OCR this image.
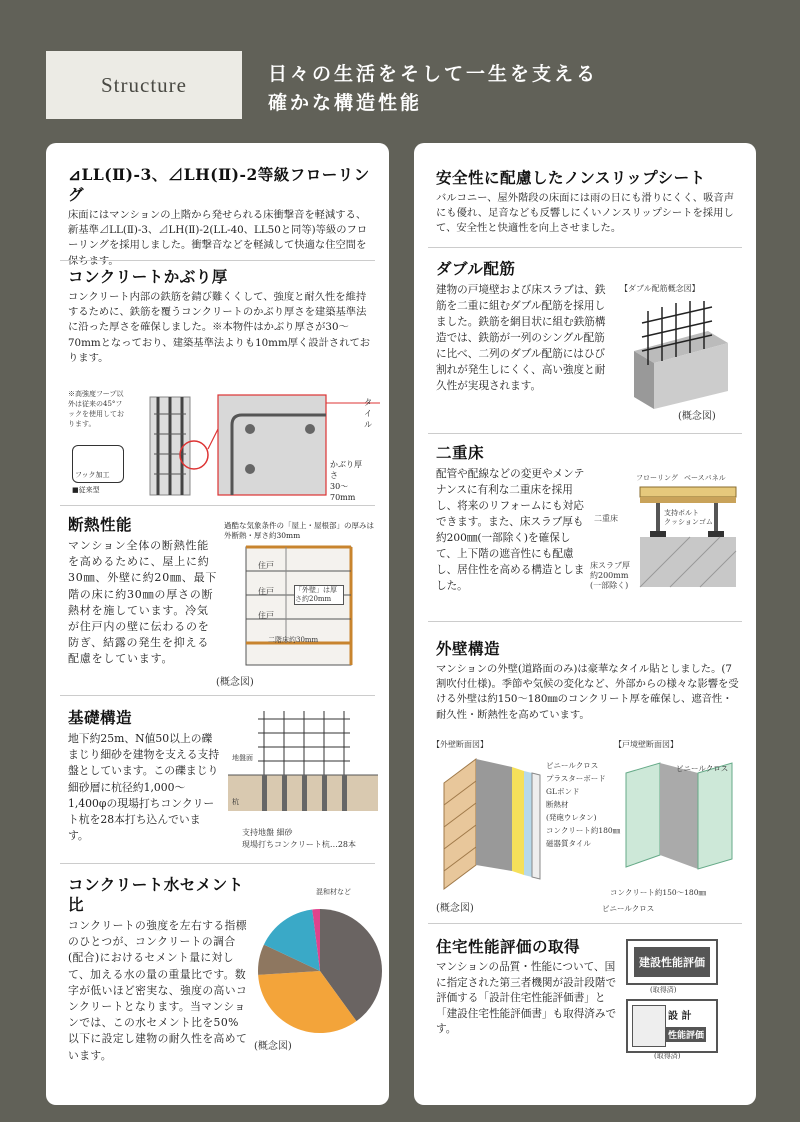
Structure	日々の生活をそして一生を支える
確かな構造性能
⊿LL(Ⅱ)-3、⊿LH(Ⅱ)-2等級フローリング

床面にはマンションの上階から発せられる床衝撃音を軽減する、新基準⊿LL(Ⅱ)-3、⊿LH(Ⅱ)-2(LL-40、LL50と同等)等級のフローリングを採用しました。衝撃音などを軽減して快適な住空間を保ちます。

コンクリートかぶり厚

コンクリート内部の鉄筋を錆び難くくして、強度と耐久性を維持するために、鉄筋を覆うコンクリートのかぶり厚さを建築基準法に沿った厚さを確保しました。※本物件はかぶり厚さが30〜70mmとなっており、建築基準法よりも10mm厚く設計されております。

※高強度フープ以外は従来の45°フックを使用しております。
フック加工
■従来型
タイル
かぶり厚さ
30〜70mm
断熱性能

マンション全体の断熱性能を高めるために、屋上に約30㎜、外壁に約20㎜、最下階の床に約30㎜の厚さの断熱材を施しています。冷気が住戸内の壁に伝わるのを防ぎ、結露の発生を抑える配慮をしています。

過酷な気象条件の「屋上・屋根部」の厚みは外断熱・厚さ約30mm
住戸
住戸
住戸
「外壁」は厚さ約20mm
二階床約30mm
(概念図)
基礎構造

地下約25m、N値50以上の礫まじり細砂を建物を支える支持盤としています。この礫まじり細砂層に杭径約1,000〜1,400φの現場打ちコンクリート杭を28本打ち込んでいます。

地盤面
杭
支持地盤 細砂
現場打ちコンクリート杭…28本
コンクリート水セメント比

コンクリートの強度を左右する指標のひとつが、コンクリートの調合(配合)におけるセメント量に対して、加える水の量の重量比です。数字が低いほど密実な、強度の高いコンクリートとなります。当マンションでは、この水セメント比を50%以下に設定し建物の耐久性を高めています。

混和材など
(概念図)
安全性に配慮したノンスリップシート

バルコニー、屋外階段の床面には雨の日にも滑りにくく、吸音声にも優れ、足音なども反響しにくいノンスリップシートを採用して、安全性と快適性を向上させました。

ダブル配筋

建物の戸境壁および床スラブは、鉄筋を二重に組むダブル配筋を採用しました。鉄筋を網目状に組む鉄筋構造では、鉄筋が一列のシングル配筋に比べ、二列のダブル配筋にはひび割れが発生しにくく、高い強度と耐久性が実現されます。

【ダブル配筋概念図】
(概念図)
二重床

配管や配線などの変更やメンテナンスに有利な二重床を採用し、将来のリフォームにも対応できます。また、床スラブ厚も約200㎜(一部除く)を確保して、上下階の遮音性にも配慮し、居住性を高める構造としました。

フローリング ベースパネル
二重床
支持ボルト
クッションゴム
床スラブ厚
約200mm
(一部除く)
外壁構造

マンションの外壁(道路面のみ)は豪華なタイル貼としました。(7割吹付仕様)。季節や気候の変化など、外部からの様々な影響を受ける外壁は約150〜180㎜のコンクリート厚を確保し、遮音性・耐久性・断熱性を高めています。

【外壁断面図】	【戸境壁断面図】
ビニールクロス
プラスターボード
GLボンド
断熱材
(発砲ウレタン)
コンクリート約180㎜
磁器質タイル
ビニールクロス
コンクリート約150〜180㎜
ビニールクロス
(概念図)
住宅性能評価の取得

マンションの品質・性能について、国に指定された第三者機関が設計段階で評価する「設計住宅性能評価書」と「建設住宅性能評価書」も取得済みです。

建設性能評価
(取得済)
設 計
性能評価
(取得済)
